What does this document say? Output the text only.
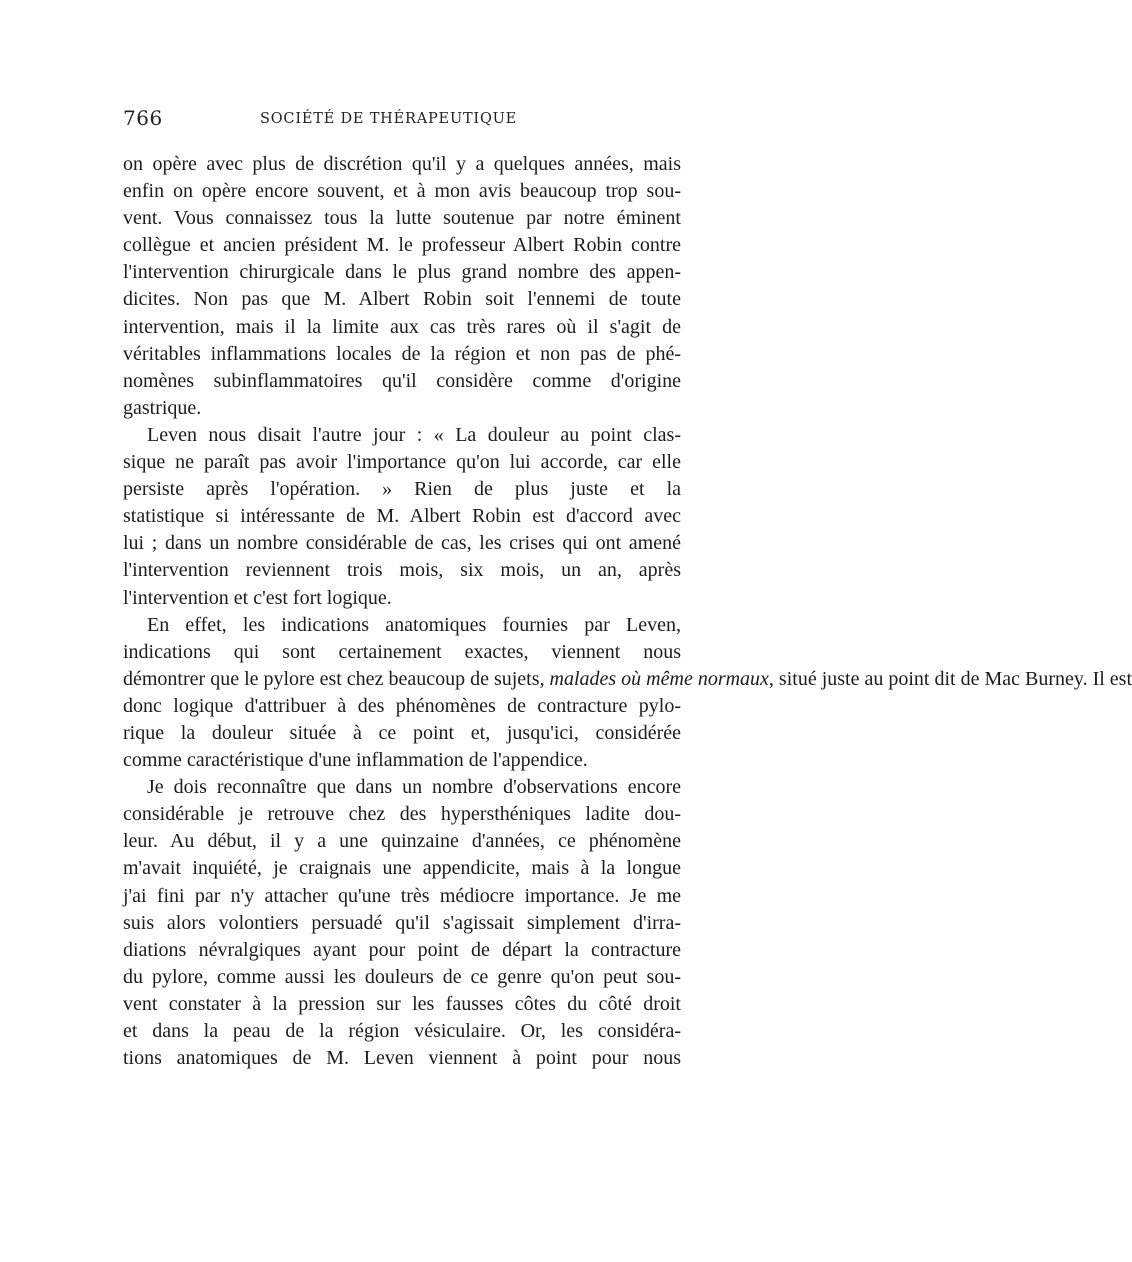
766	SOCIÉTÉ DE THÉRAPEUTIQUE
on opère avec plus de discrétion qu'il y a quelques années, mais
enfin on opère encore souvent, et à mon avis beaucoup trop sou-
vent. Vous connaissez tous la lutte soutenue par notre éminent
collègue et ancien président M. le professeur Albert Robin contre
l'intervention chirurgicale dans le plus grand nombre des appen-
dicites. Non pas que M. Albert Robin soit l'ennemi de toute
intervention, mais il la limite aux cas très rares où il s'agit de
véritables inflammations locales de la région et non pas de phé-
nomènes subinflammatoires qu'il considère comme d'origine
gastrique.
Leven nous disait l'autre jour : « La douleur au point clas-
sique ne paraît pas avoir l'importance qu'on lui accorde, car elle
persiste après l'opération. » Rien de plus juste et la
statistique si intéressante de M. Albert Robin est d'accord avec
lui ; dans un nombre considérable de cas, les crises qui ont amené
l'intervention reviennent trois mois, six mois, un an, après
l'intervention et c'est fort logique.
En effet, les indications anatomiques fournies par Leven,
indications qui sont certainement exactes, viennent nous
démontrer que le pylore est chez beaucoup de sujets, malades où même normaux, situé juste au point dit de Mac Burney. Il est
donc logique d'attribuer à des phénomènes de contracture pylo-
rique la douleur située à ce point et, jusqu'ici, considérée
comme caractéristique d'une inflammation de l'appendice.
Je dois reconnaître que dans un nombre d'observations encore
considérable je retrouve chez des hypersthéniques ladite dou-
leur. Au début, il y a une quinzaine d'années, ce phénomène
m'avait inquiété, je craignais une appendicite, mais à la longue
j'ai fini par n'y attacher qu'une très médiocre importance. Je me
suis alors volontiers persuadé qu'il s'agissait simplement d'irra-
diations névralgiques ayant pour point de départ la contracture
du pylore, comme aussi les douleurs de ce genre qu'on peut sou-
vent constater à la pression sur les fausses côtes du côté droit
et dans la peau de la région vésiculaire. Or, les considéra-
tions anatomiques de M. Leven viennent à point pour nous
